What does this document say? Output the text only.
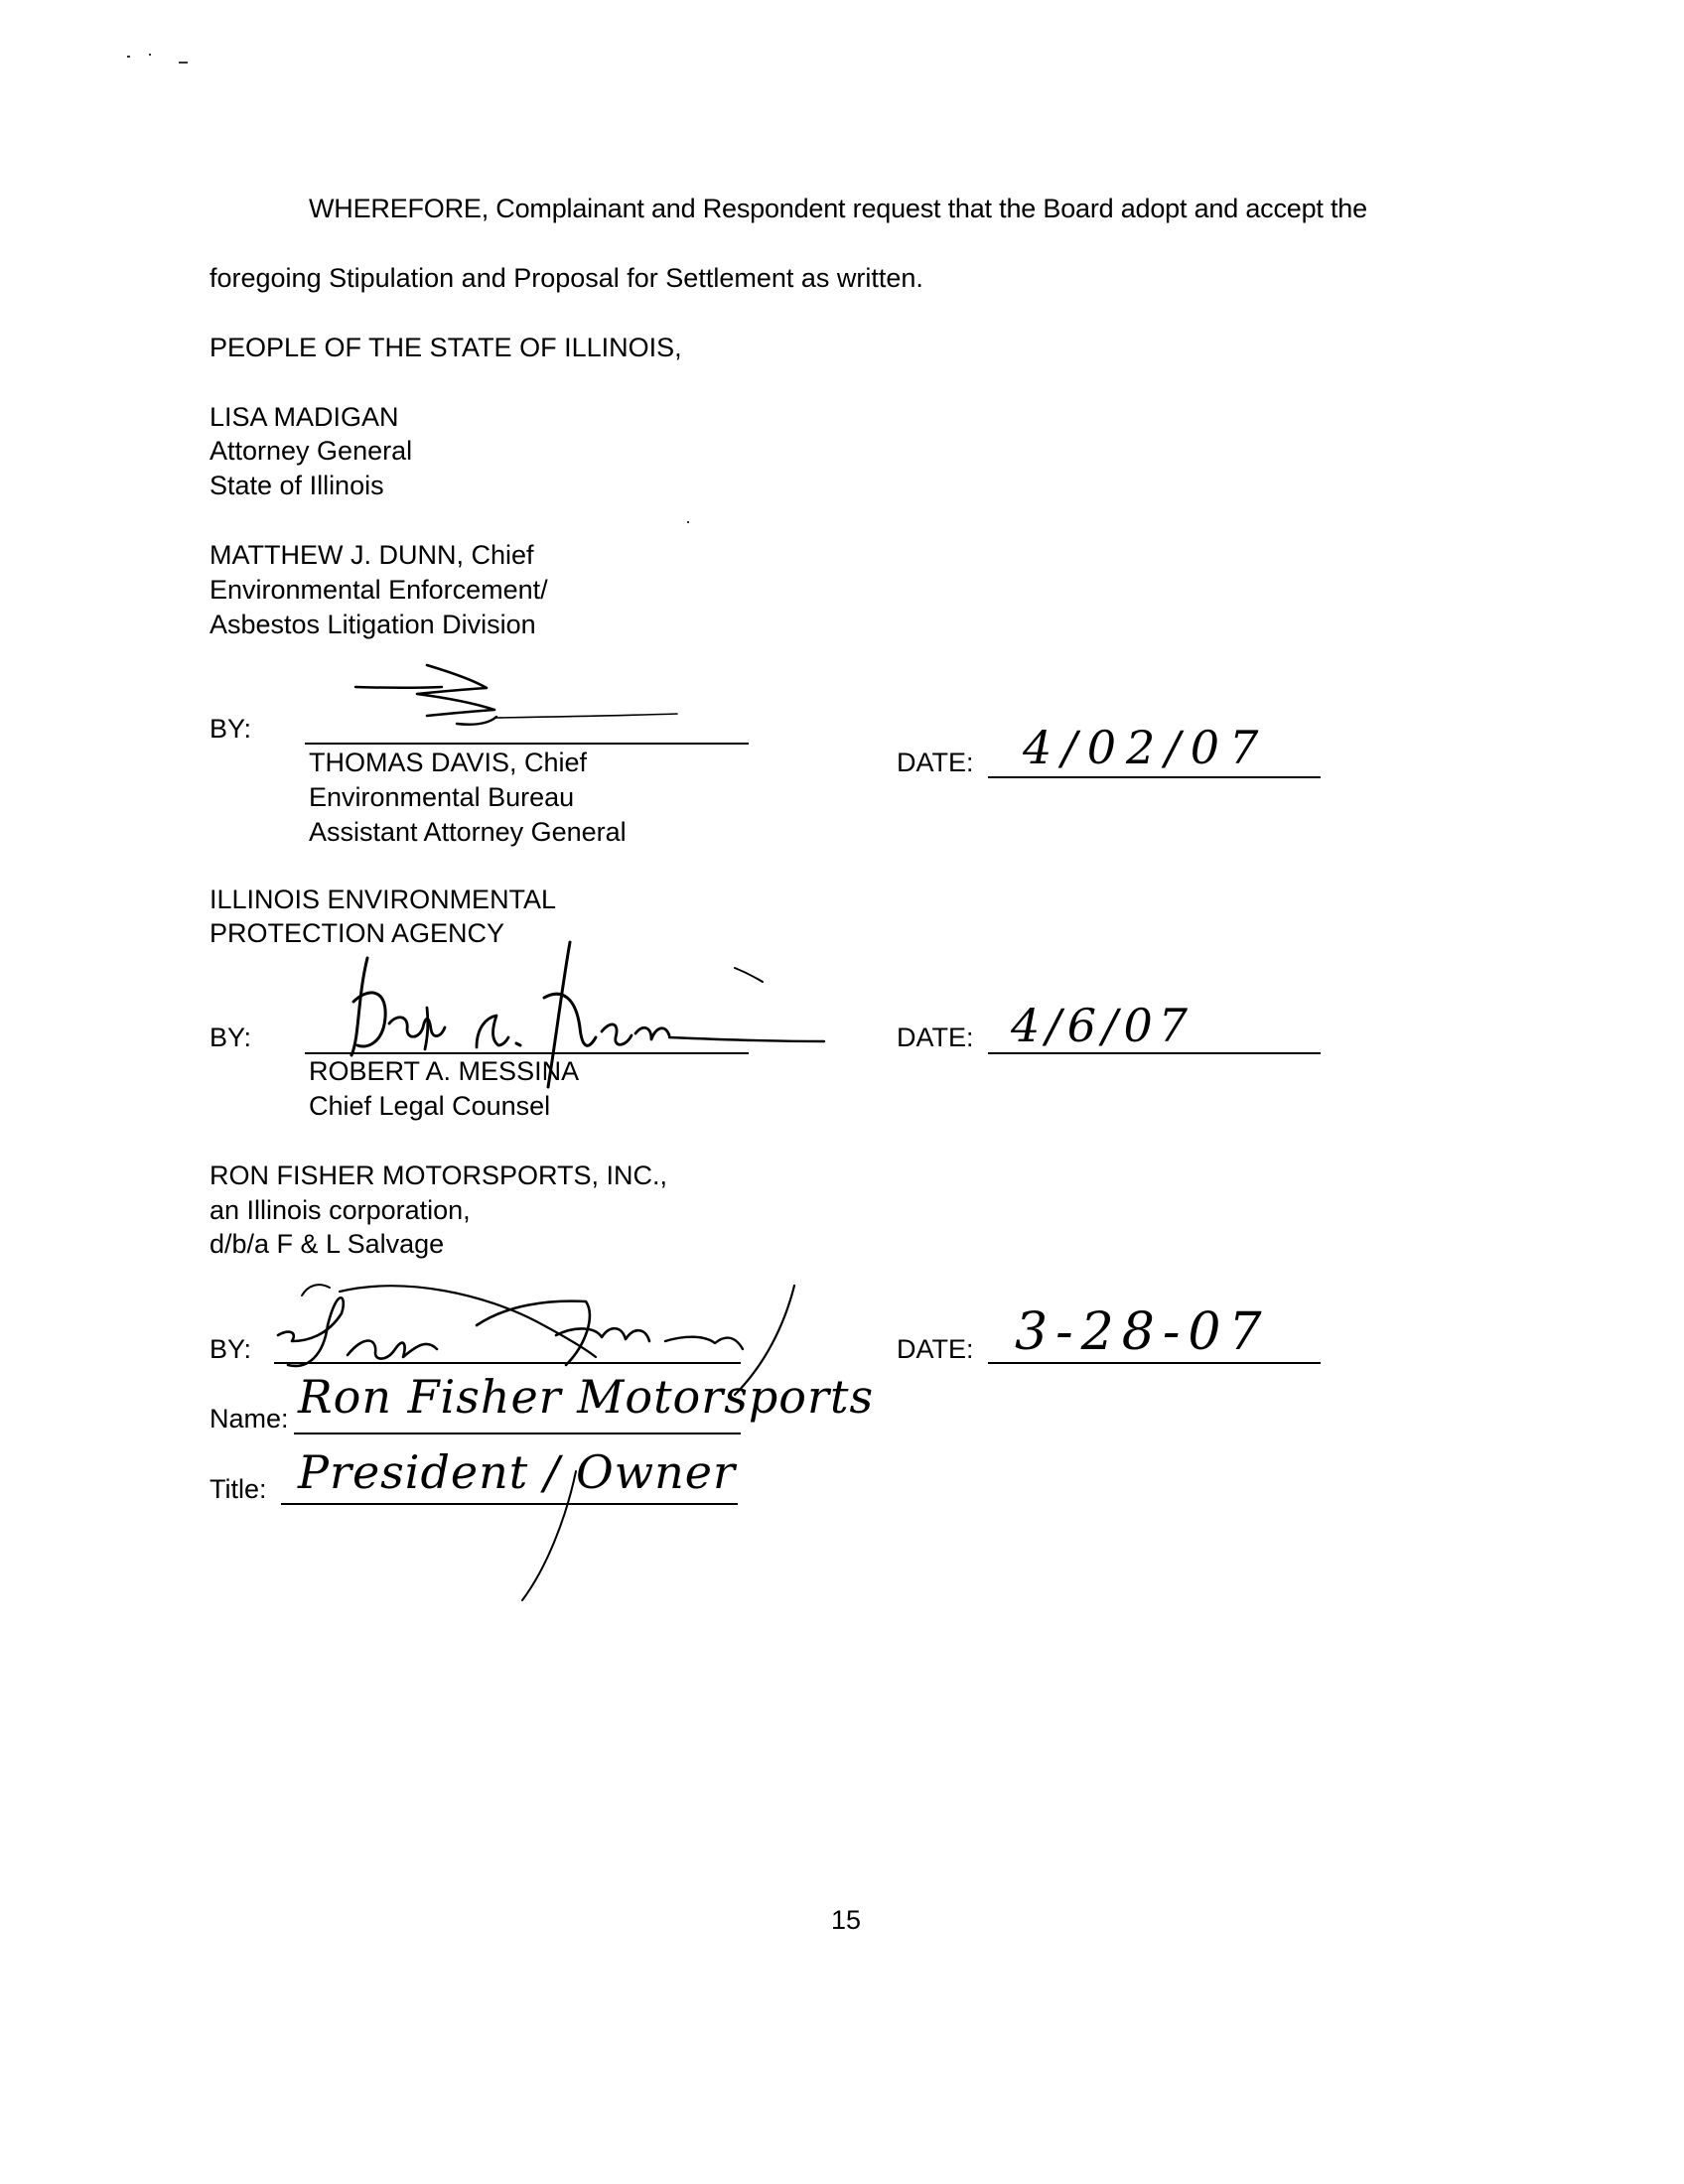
WHEREFORE, Complainant and Respondent request that the Board adopt and accept the

foregoing Stipulation and Proposal for Settlement as written.

PEOPLE OF THE STATE OF ILLINOIS,

LISA MADIGAN

Attorney General

State of Illinois

MATTHEW J. DUNN, Chief

Environmental Enforcement/

Asbestos Litigation Division

BY:

THOMAS DAVIS, Chief

Environmental Bureau

Assistant Attorney General

DATE: 4/02/07

ILLINOIS ENVIRONMENTAL

PROTECTION AGENCY

BY:

ROBERT A. MESSINA

Chief Legal Counsel

DATE: 4/6/07

RON FISHER MOTORSPORTS, INC.,

an Illinois corporation,

d/b/a F & L Salvage

BY:	DATE: 3-28-07

Name: Ron Fisher Motorsports

Title: President / Owner

15
